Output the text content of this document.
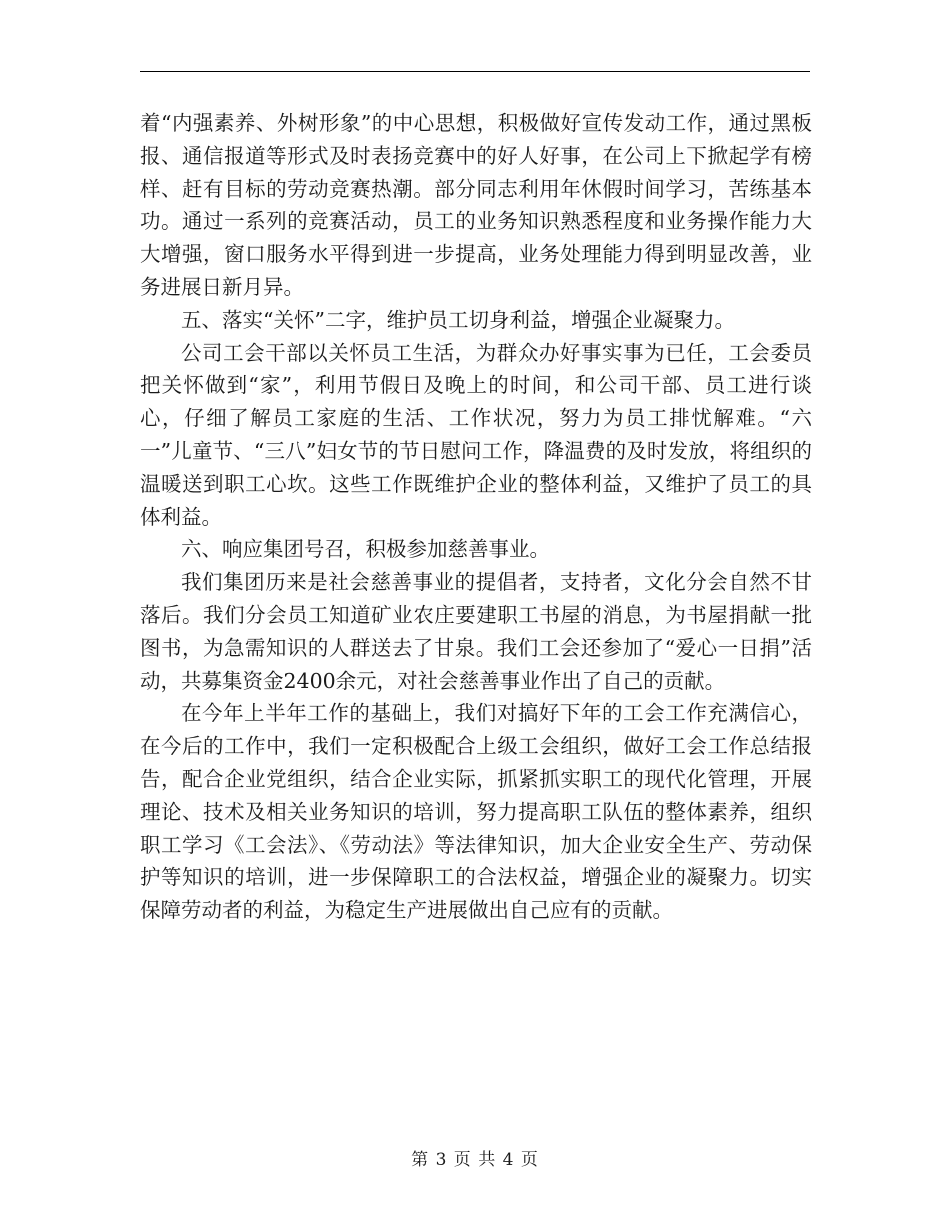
着“内强素养、外树形象”的中心思想，积极做好宣传发动工作，通过黑板报、通信报道等形式及时表扬竞赛中的好人好事，在公司上下掀起学有榜样、赶有目标的劳动竞赛热潮。部分同志利用年休假时间学习，苦练基本功。通过一系列的竞赛活动，员工的业务知识熟悉程度和业务操作能力大大增强，窗口服务水平得到进一步提高，业务处理能力得到明显改善，业务进展日新月异。

五、落实“关怀”二字，维护员工切身利益，增强企业凝聚力。

公司工会干部以关怀员工生活，为群众办好事实事为已任，工会委员把关怀做到“家”，利用节假日及晚上的时间，和公司干部、员工进行谈心，仔细了解员工家庭的生活、工作状况，努力为员工排忧解难。“六一”儿童节、“三八”妇女节的节日慰问工作，降温费的及时发放，将组织的温暖送到职工心坎。这些工作既维护企业的整体利益，又维护了员工的具体利益。

六、响应集团号召，积极参加慈善事业。

我们集团历来是社会慈善事业的提倡者，支持者，文化分会自然不甘落后。我们分会员工知道矿业农庄要建职工书屋的消息，为书屋捐献一批图书，为急需知识的人群送去了甘泉。我们工会还参加了“爱心一日捐”活动，共募集资金2400余元，对社会慈善事业作出了自己的贡献。

在今年上半年工作的基础上，我们对搞好下年的工会工作充满信心，在今后的工作中，我们一定积极配合上级工会组织，做好工会工作总结报告，配合企业党组织，结合企业实际，抓紧抓实职工的现代化管理，开展理论、技术及相关业务知识的培训，努力提高职工队伍的整体素养，组织职工学习《工会法》、《劳动法》等法律知识，加大企业安全生产、劳动保护等知识的培训，进一步保障职工的合法权益，增强企业的凝聚力。切实保障劳动者的利益，为稳定生产进展做出自己应有的贡献。

第 3 页 共 4 页
